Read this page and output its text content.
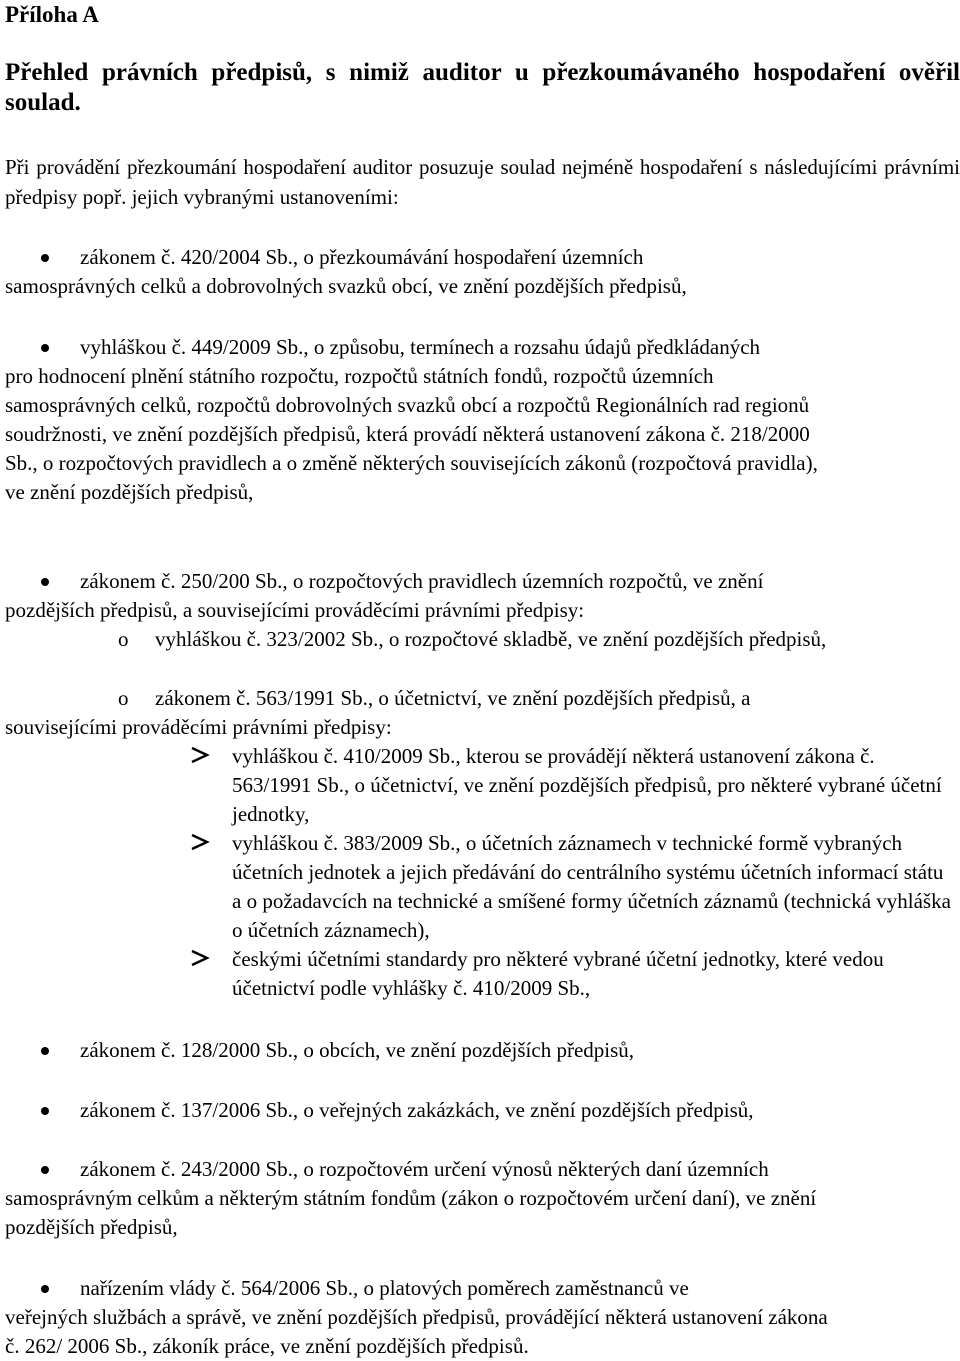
Příloha A

Přehled právních předpisů, s nimiž auditor u přezkoumávaného hospodaření ověřil soulad.

Při provádění přezkoumání hospodaření auditor posuzuje soulad nejméně hospodaření s následujícími právními předpisy popř. jejich vybranými ustanoveními:

zákonem č. 420/2004 Sb., o přezkoumávání hospodaření územních
samosprávných celků a dobrovolných svazků obcí, ve znění pozdějších předpisů,
vyhláškou č. 449/2009 Sb., o způsobu, termínech a rozsahu údajů předkládaných
pro hodnocení plnění státního rozpočtu, rozpočtů státních fondů, rozpočtů územních samosprávných celků, rozpočtů dobrovolných svazků obcí a rozpočtů Regionálních rad regionů soudržnosti, ve znění pozdějších předpisů, která provádí některá ustanovení zákona č. 218/2000 Sb., o rozpočtových pravidlech a o změně některých souvisejících zákonů (rozpočtová pravidla), ve znění pozdějších předpisů,
zákonem č. 250/200 Sb., o rozpočtových pravidlech územních rozpočtů, ve znění
pozdějších předpisů, a souvisejícími prováděcími právními předpisy:
o vyhláškou č. 323/2002 Sb., o rozpočtové skladbě, ve znění pozdějších předpisů,
o zákonem č. 563/1991 Sb., o účetnictví, ve znění pozdějších předpisů, a
souvisejícími prováděcími právními předpisy:
vyhláškou č. 410/2009 Sb., kterou se provádějí některá ustanovení zákona č. 563/1991 Sb., o účetnictví, ve znění pozdějších předpisů, pro některé vybrané účetní jednotky,
vyhláškou č. 383/2009 Sb., o účetních záznamech v technické formě vybraných účetních jednotek a jejich předávání do centrálního systému účetních informací státu a o požadavcích na technické a smíšené formy účetních záznamů (technická vyhláška o účetních záznamech),
českými účetními standardy pro některé vybrané účetní jednotky, které vedou účetnictví podle vyhlášky č. 410/2009 Sb.,
zákonem č. 128/2000 Sb., o obcích, ve znění pozdějších předpisů,
zákonem č. 137/2006 Sb., o veřejných zakázkách, ve znění pozdějších předpisů,
zákonem č. 243/2000 Sb., o rozpočtovém určení výnosů některých daní územních
samosprávným celkům a některým státním fondům (zákon o rozpočtovém určení daní), ve znění pozdějších předpisů,
nařízením vlády č. 564/2006 Sb., o platových poměrech zaměstnanců ve
veřejných službách a správě, ve znění pozdějších předpisů, provádějící některá ustanovení zákona č. 262/ 2006 Sb., zákoník práce, ve znění pozdějších předpisů.
